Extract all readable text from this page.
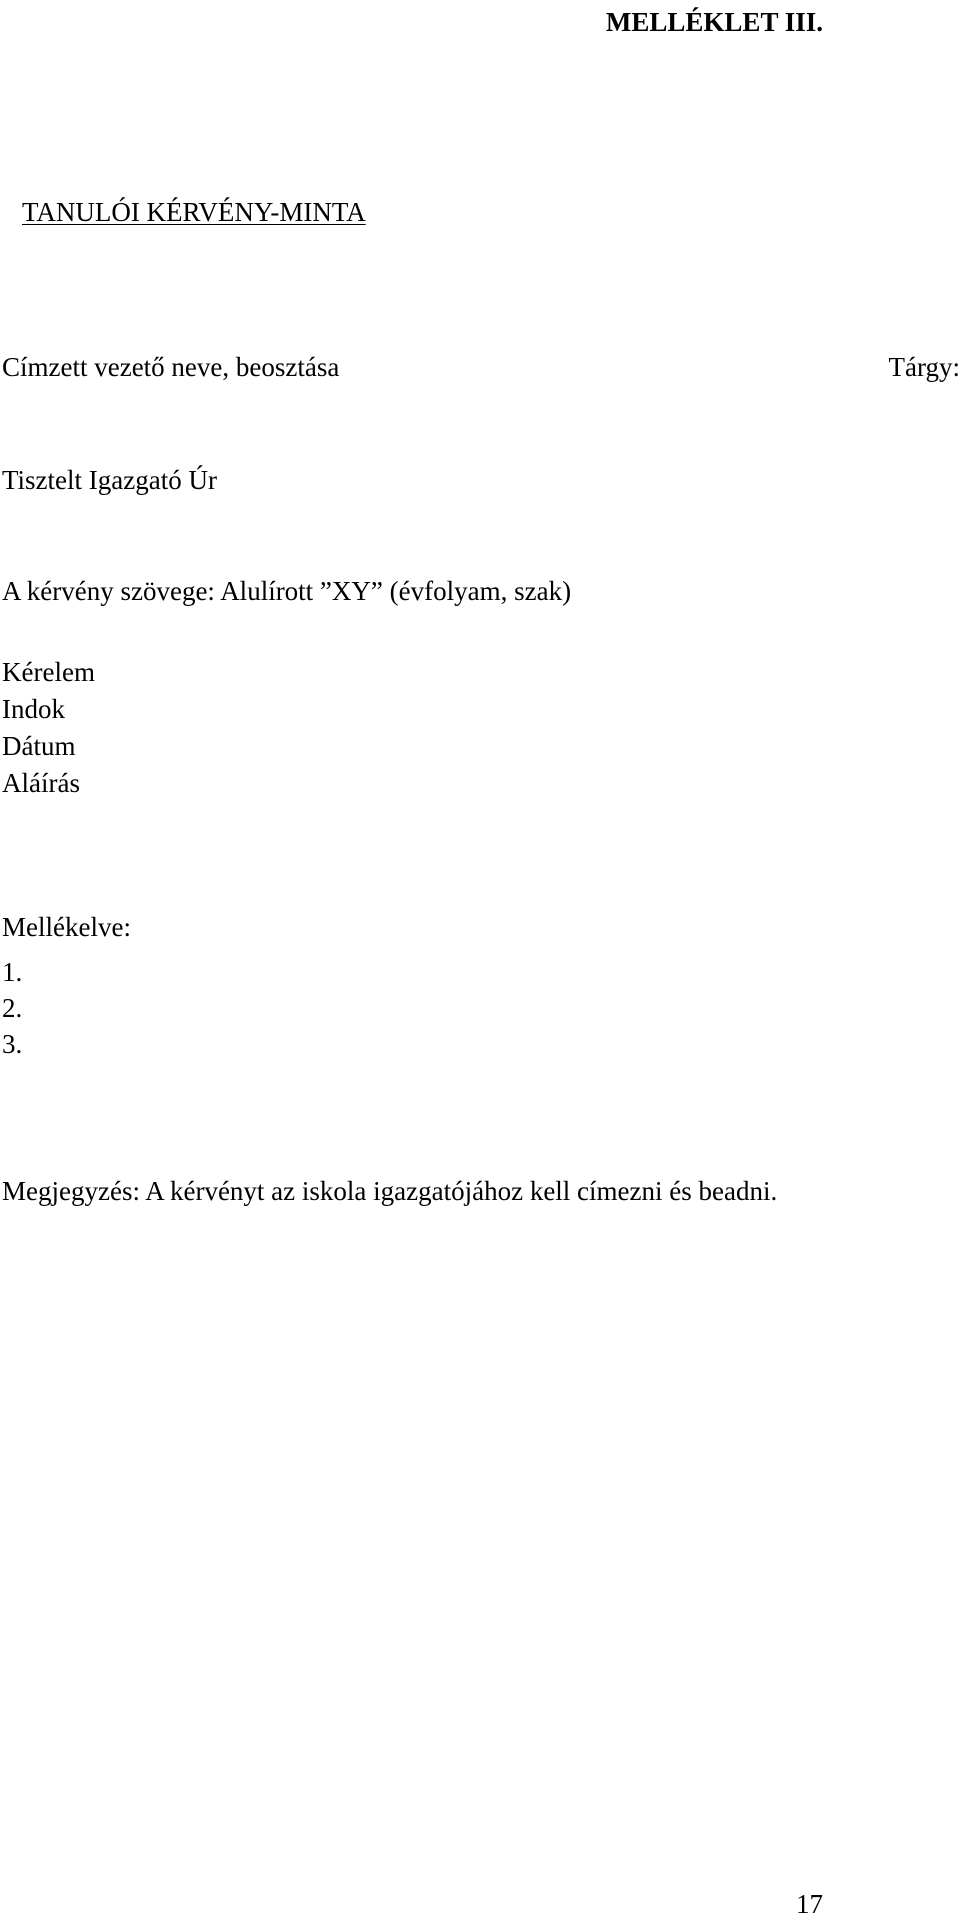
MELLÉKLET III.
TANULÓI KÉRVÉNY-MINTA
Címzett vezető neve, beosztása	Tárgy:
Tisztelt Igazgató Úr
A kérvény szövege: Alulírott ”XY” (évfolyam, szak)
Kérelem
Indok
Dátum
Aláírás
Mellékelve:
1.
2.
3.
Megjegyzés: A kérvényt az iskola igazgatójához kell címezni és beadni.
17
